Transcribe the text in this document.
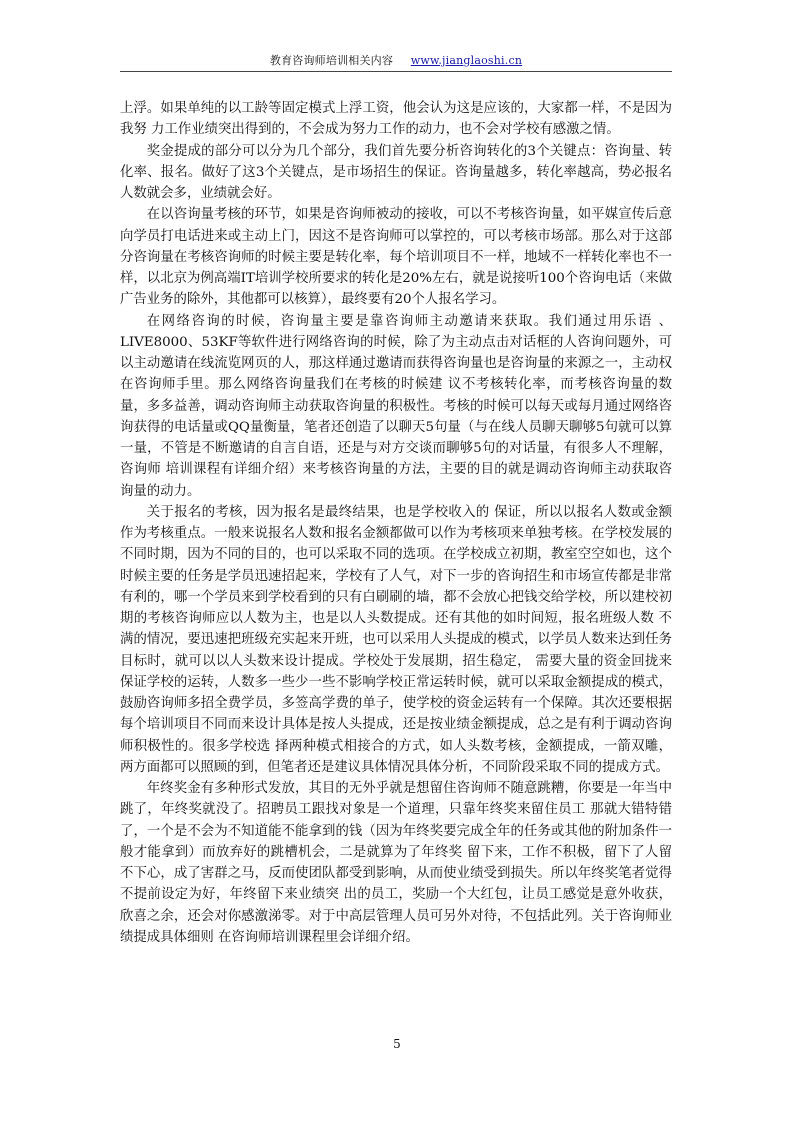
教育咨询师培训相关内容 www.jianglaoshi.cn

上浮。如果单纯的以工龄等固定模式上浮工资，他会认为这是应该的，大家都一样，不是因为我努 力工作业绩突出得到的，不会成为努力工作的动力，也不会对学校有感激之情。

奖金提成的部分可以分为几个部分，我们首先要分析咨询转化的3个关键点：咨询量、转化率、报名。做好了这3个关键点，是市场招生的保证。咨询量越多，转化率越高，势必报名人数就会多，业绩就会好。

在以咨询量考核的环节，如果是咨询师被动的接收，可以不考核咨询量，如平媒宣传后意向学员打电话进来或主动上门，因这不是咨询师可以掌控的，可以考核市场部。那么对于这部分咨询量在考核咨询师的时候主要是转化率，每个培训项目不一样，地域不一样转化率也不一样，以北京为例高端IT培训学校所要求的转化是20%左右，就是说接听100个咨询电话（来做广告业务的除外，其他都可以核算），最终要有20个人报名学习。

在网络咨询的时候，咨询量主要是靠咨询师主动邀请来获取。我们通过用乐语 、LIVE8000、53KF等软件进行网络咨询的时候，除了为主动点击对话框的人咨询问题外，可以主动邀请在线流览网页的人，那这样通过邀请而获得咨询量也是咨询量的来源之一，主动权在咨询师手里。那么网络咨询量我们在考核的时候建 议不考核转化率，而考核咨询量的数量，多多益善，调动咨询师主动获取咨询量的积极性。考核的时候可以每天或每月通过网络咨询获得的电话量或QQ量衡量，笔者还创造了以聊天5句量（与在线人员聊天聊够5句就可以算一量，不管是不断邀请的自言自语，还是与对方交谈而聊够5句的对话量，有很多人不理解，咨询师 培训课程有详细介绍）来考核咨询量的方法，主要的目的就是调动咨询师主动获取咨询量的动力。

关于报名的考核，因为报名是最终结果，也是学校收入的 保证，所以以报名人数或金额作为考核重点。一般来说报名人数和报名金额都做可以作为考核项来单独考核。在学校发展的不同时期，因为不同的目的，也可以采取不同的选项。在学校成立初期，教室空空如也，这个时候主要的任务是学员迅速招起来，学校有了人气，对下一步的咨询招生和市场宣传都是非常有利的，哪一个学员来到学校看到的只有白刷刷的墙，都不会放心把钱交给学校，所以建校初期的考核咨询师应以人数为主，也是以人头数提成。还有其他的如时间短，报名班级人数 不满的情况，要迅速把班级充实起来开班，也可以采用人头提成的模式，以学员人数来达到任务目标时，就可以以人头数来设计提成。学校处于发展期，招生稳定， 需要大量的资金回拢来保证学校的运转，人数多一些少一些不影响学校正常运转时候，就可以采取金额提成的模式，鼓励咨询师多招全费学员，多签高学费的单子，使学校的资金运转有一个保障。其次还要根据每个培训项目不同而来设计具体是按人头提成，还是按业绩金额提成，总之是有利于调动咨询师积极性的。很多学校选 择两种模式相接合的方式，如人头数考核，金额提成，一箭双雕，两方面都可以照顾的到，但笔者还是建议具体情况具体分析，不同阶段采取不同的提成方式。

年终奖金有多种形式发放，其目的无外乎就是想留住咨询师不随意跳糟，你要是一年当中跳了，年终奖就没了。招聘员工跟找对象是一个道理，只靠年终奖来留住员工 那就大错特错了，一个是不会为不知道能不能拿到的钱（因为年终奖要完成全年的任务或其他的附加条件一般才能拿到）而放弃好的跳槽机会，二是就算为了年终奖 留下来，工作不积极，留下了人留不下心，成了害群之马，反而使团队都受到影响，从而使业绩受到损失。所以年终奖笔者觉得不提前设定为好，年终留下来业绩突 出的员工，奖励一个大红包，让员工感觉是意外收获，欣喜之余，还会对你感激涕零。对于中高层管理人员可另外对待，不包括此列。关于咨询师业绩提成具体细则 在咨询师培训课程里会详细介绍。

5
